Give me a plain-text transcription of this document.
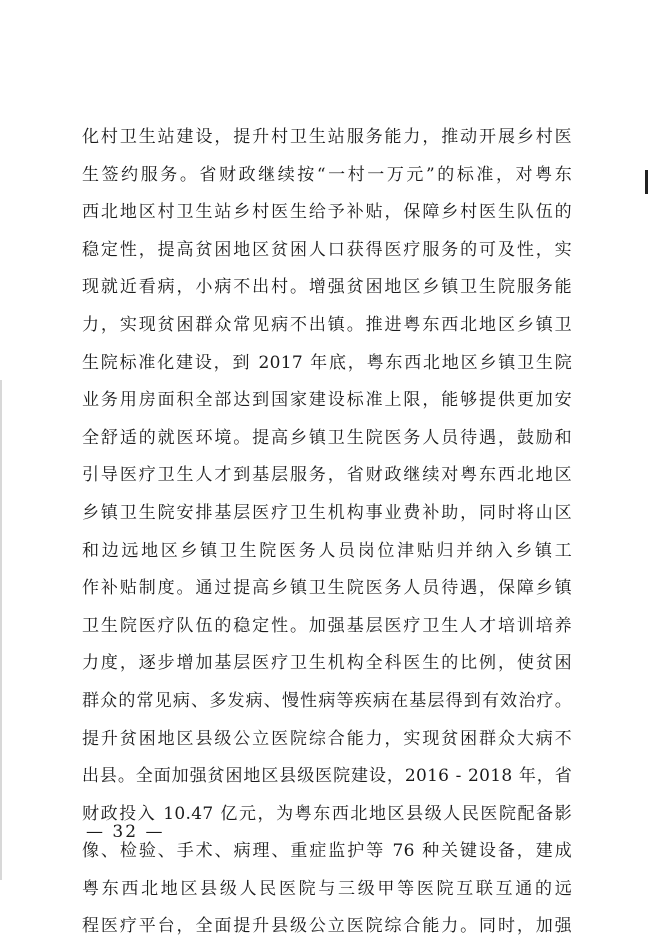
化村卫生站建设，提升村卫生站服务能力，推动开展乡村医
生签约服务。省财政继续按“一村一万元”的标准，对粤东
西北地区村卫生站乡村医生给予补贴，保障乡村医生队伍的
稳定性，提高贫困地区贫困人口获得医疗服务的可及性，实
现就近看病，小病不出村。增强贫困地区乡镇卫生院服务能
力，实现贫困群众常见病不出镇。推进粤东西北地区乡镇卫
生院标准化建设，到 2017 年底，粤东西北地区乡镇卫生院
业务用房面积全部达到国家建设标准上限，能够提供更加安
全舒适的就医环境。提高乡镇卫生院医务人员待遇，鼓励和
引导医疗卫生人才到基层服务，省财政继续对粤东西北地区
乡镇卫生院安排基层医疗卫生机构事业费补助，同时将山区
和边远地区乡镇卫生院医务人员岗位津贴归并纳入乡镇工
作补贴制度。通过提高乡镇卫生院医务人员待遇，保障乡镇
卫生院医疗队伍的稳定性。加强基层医疗卫生人才培训培养
力度，逐步增加基层医疗卫生机构全科医生的比例，使贫困
群众的常见病、多发病、慢性病等疾病在基层得到有效治疗。
提升贫困地区县级公立医院综合能力，实现贫困群众大病不
出县。全面加强贫困地区县级医院建设，2016 - 2018 年，省
财政投入 10.47 亿元，为粤东西北地区县级人民医院配备影
像、检验、手术、病理、重症监护等 76 种关键设备，建成
粤东西北地区县级人民医院与三级甲等医院互联互通的远
程医疗平台，全面提升县级公立医院综合能力。同时，加强
— 32 —
